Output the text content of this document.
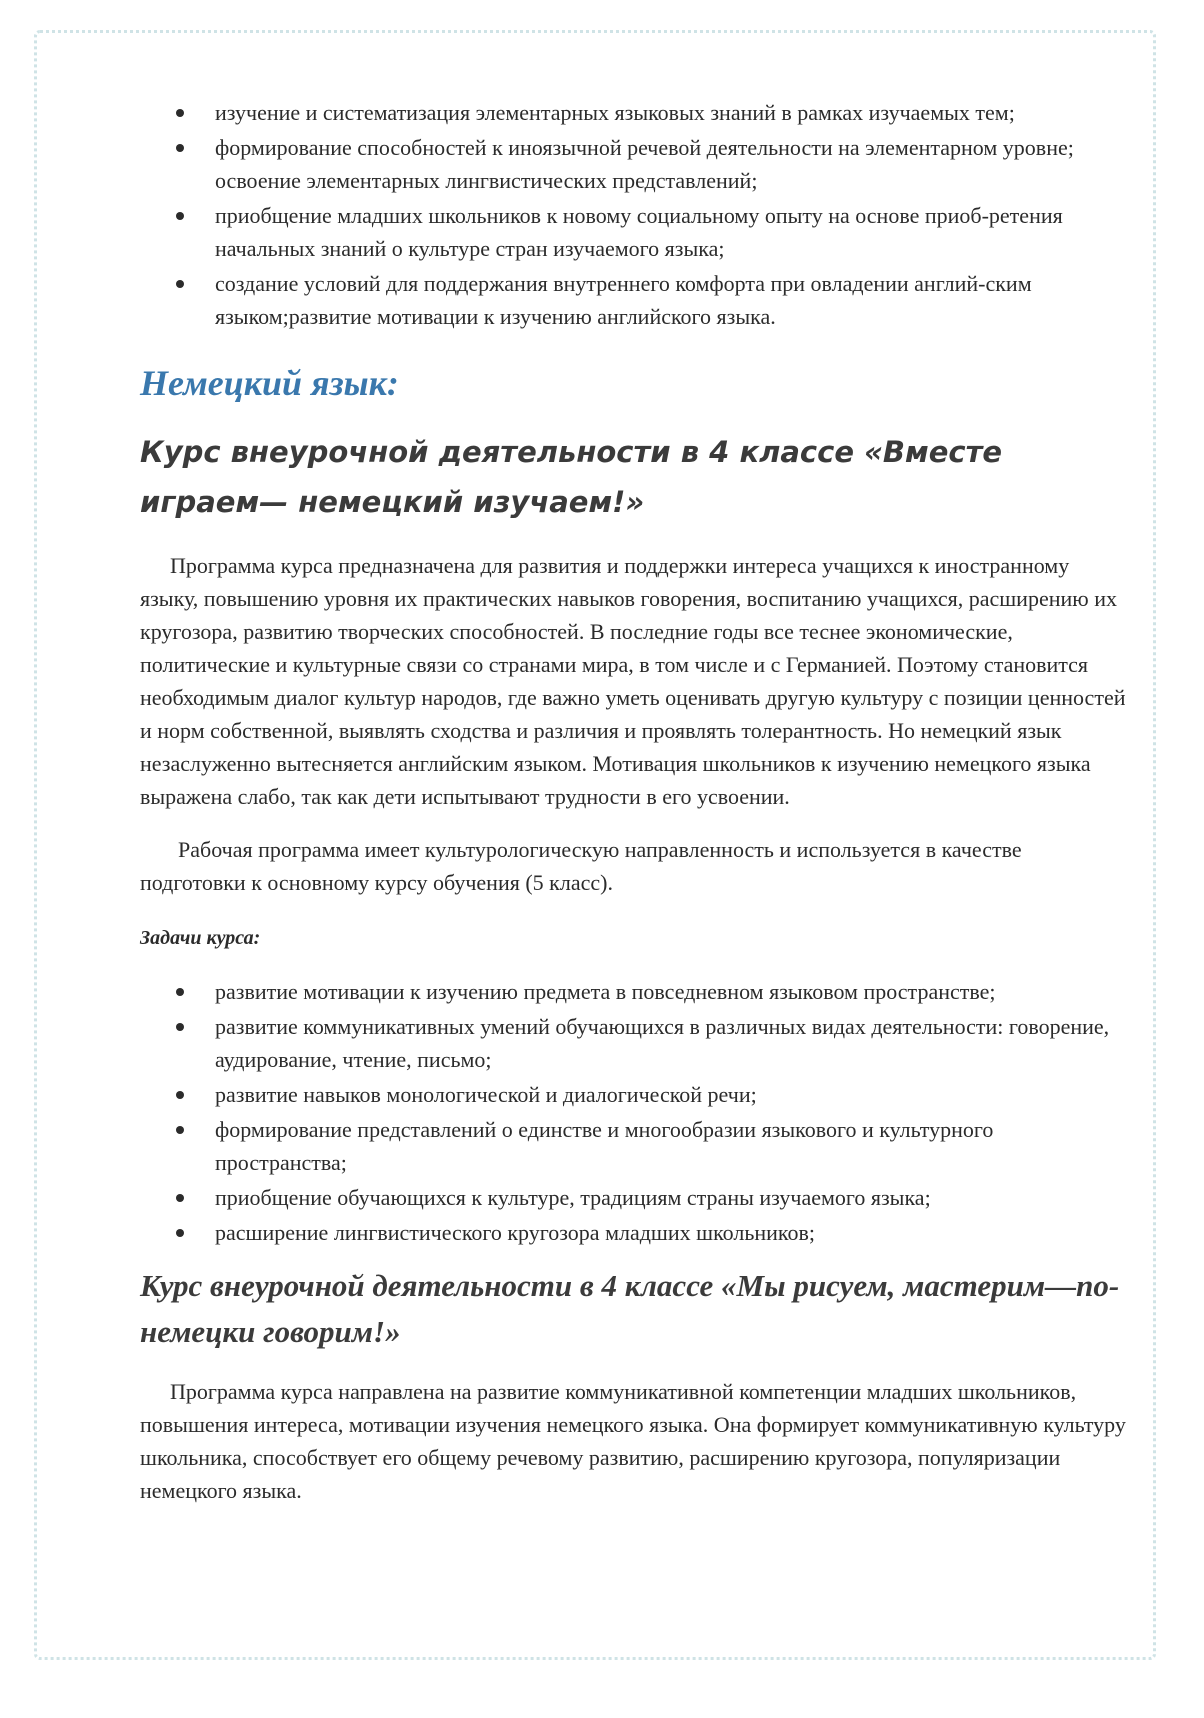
изучение и систематизация элементарных языковых знаний в рамках изучаемых тем;
формирование способностей к иноязычной речевой деятельности на элементарном уровне; освоение элементарных лингвистических представлений;
приобщение младших школьников к новому социальному опыту на основе приоб-ретения начальных знаний о культуре стран изучаемого языка;
создание условий для поддержания внутреннего комфорта при овладении англий-ским языком;развитие мотивации к изучению английского языка.
Немецкий язык:
Курс внеурочной деятельности в 4 классе «Вместе играем— немецкий изучаем!»

Программа курса предназначена для развития и поддержки интереса учащихся к иностранному языку, повышению уровня их практических навыков говорения, воспитанию учащихся, расширению их кругозора, развитию творческих способностей. В последние годы все теснее экономические, политические и культурные связи со странами мира, в том числе и с Германией. Поэтому становится необходимым диалог культур народов, где важно уметь оценивать другую культуру с позиции ценностей и норм собственной, выявлять сходства и различия и проявлять толерантность. Но немецкий язык незаслуженно вытесняется английским языком. Мотивация школьников к изучению немецкого языка выражена слабо, так как дети испытывают трудности в его усвоении.

Рабочая программа имеет культурологическую направленность и используется в качестве подготовки к основному курсу обучения (5 класс).

Задачи курса:
развитие мотивации к изучению предмета в повседневном языковом пространстве;
развитие коммуникативных умений обучающихся в различных видах деятельности: говорение, аудирование, чтение, письмо;
развитие навыков монологической и диалогической речи;
формирование представлений о единстве и многообразии языкового и культурного пространства;
приобщение обучающихся к культуре, традициям страны изучаемого языка;
расширение лингвистического кругозора младших школьников;
Курс внеурочной деятельности в 4 классе «Мы рисуем, мастерим—по-немецки говорим!»

Программа курса направлена на развитие коммуникативной компетенции младших школьников, повышения интереса, мотивации изучения немецкого языка. Она формирует коммуникативную культуру школьника, способствует его общему речевому развитию, расширению кругозора, популяризации немецкого языка.
